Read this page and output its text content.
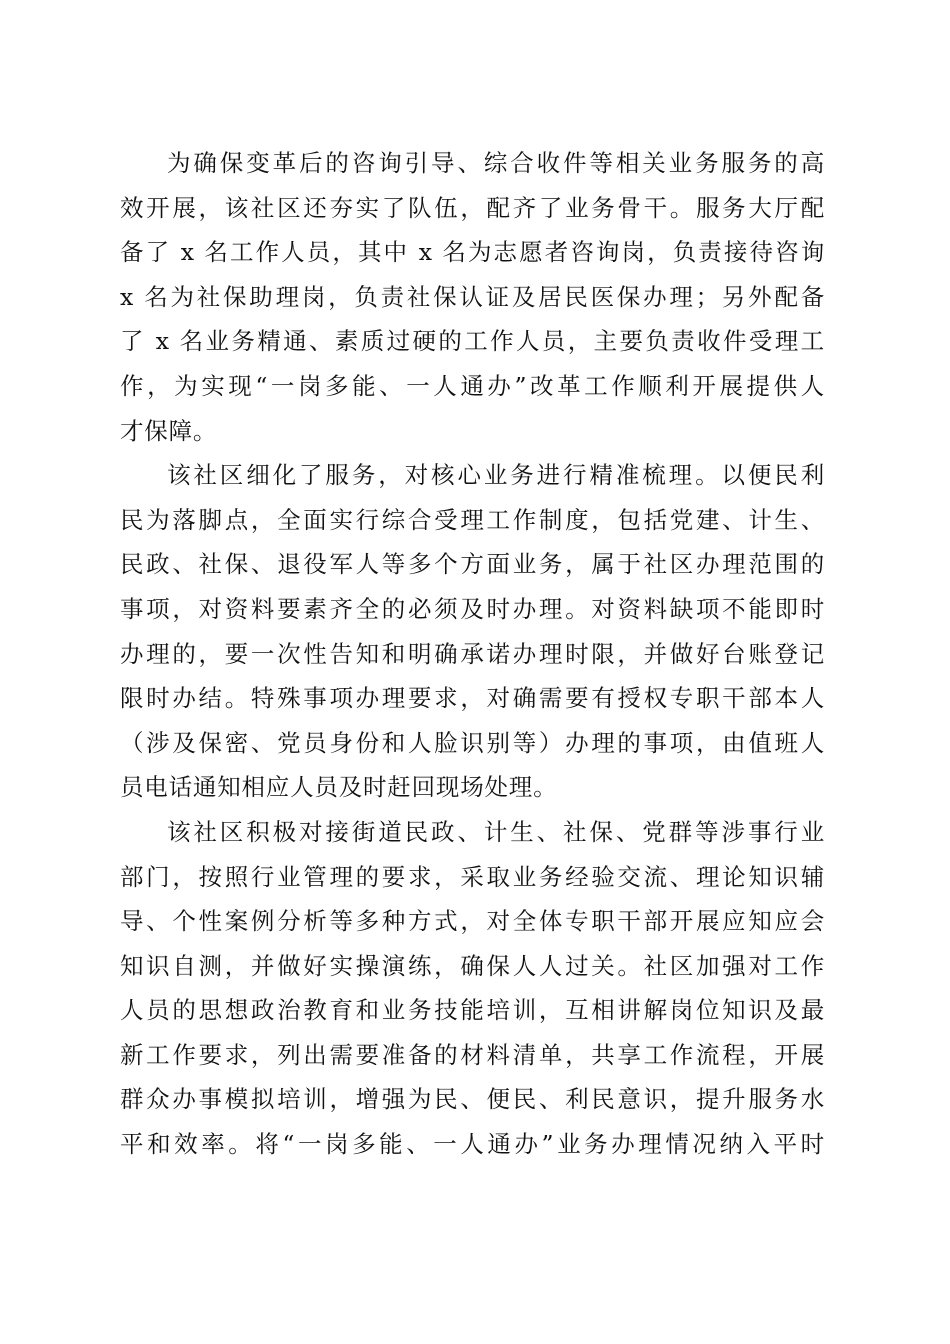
为确保变革后的咨询引导、综合收件等相关业务服务的高
效开展，该社区还夯实了队伍，配齐了业务骨干。服务大厅配
备了 x 名工作人员，其中 x 名为志愿者咨询岗，负责接待咨询
x 名为社保助理岗，负责社保认证及居民医保办理；另外配备
了 x 名业务精通、素质过硬的工作人员，主要负责收件受理工
作，为实现“一岗多能、一人通办”改革工作顺利开展提供人
才保障。
该社区细化了服务，对核心业务进行精准梳理。以便民利
民为落脚点，全面实行综合受理工作制度，包括党建、计生、
民政、社保、退役军人等多个方面业务，属于社区办理范围的
事项，对资料要素齐全的必须及时办理。对资料缺项不能即时
办理的，要一次性告知和明确承诺办理时限，并做好台账登记
限时办结。特殊事项办理要求，对确需要有授权专职干部本人
（涉及保密、党员身份和人脸识别等）办理的事项，由值班人
员电话通知相应人员及时赶回现场处理。
该社区积极对接街道民政、计生、社保、党群等涉事行业
部门，按照行业管理的要求，采取业务经验交流、理论知识辅
导、个性案例分析等多种方式，对全体专职干部开展应知应会
知识自测，并做好实操演练，确保人人过关。社区加强对工作
人员的思想政治教育和业务技能培训，互相讲解岗位知识及最
新工作要求，列出需要准备的材料清单，共享工作流程，开展
群众办事模拟培训，增强为民、便民、利民意识，提升服务水
平和效率。将“一岗多能、一人通办”业务办理情况纳入平时
